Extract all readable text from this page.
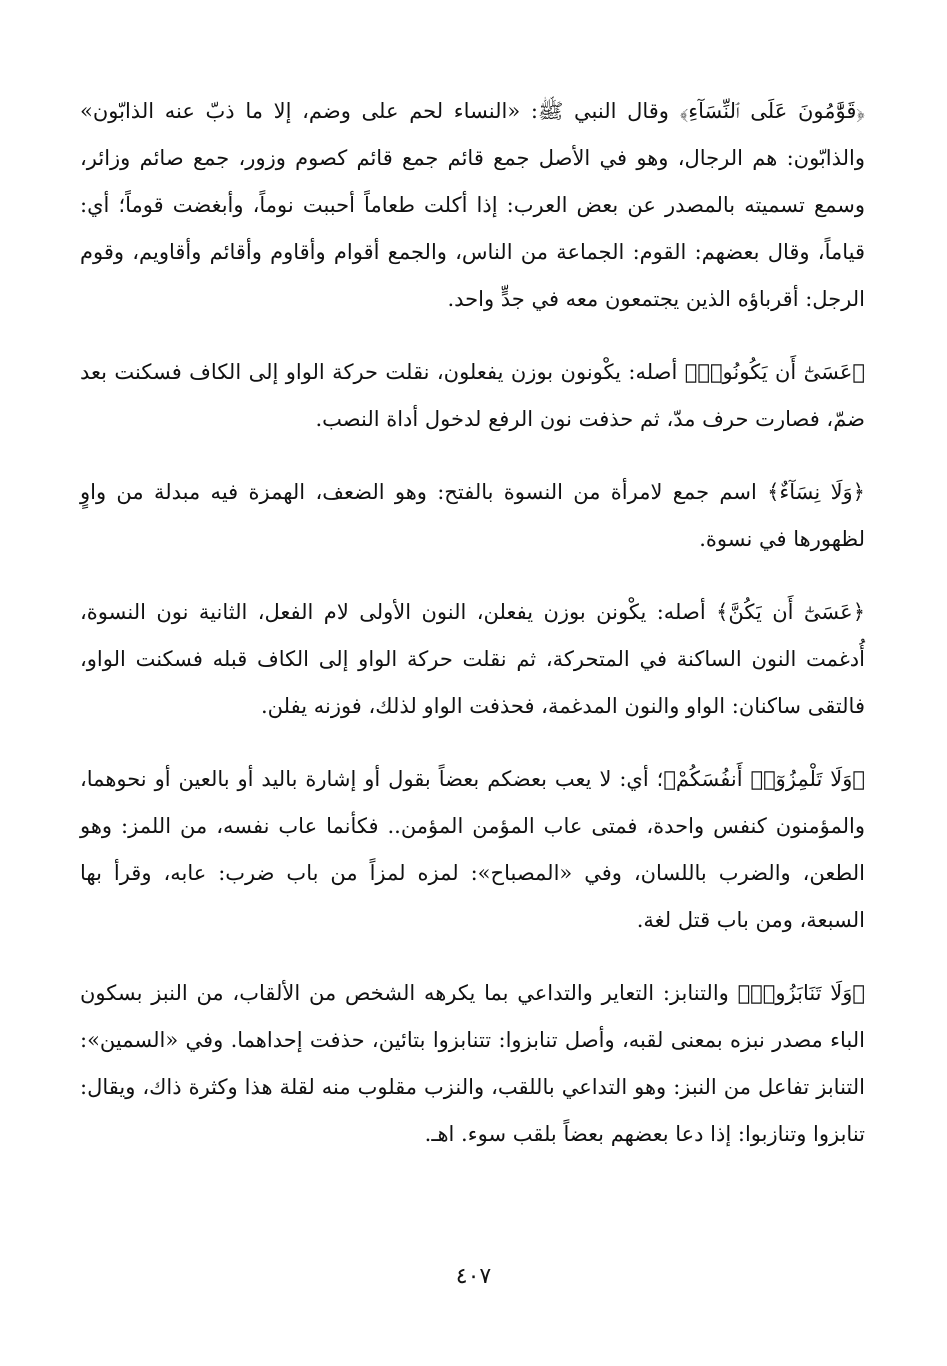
﴿قَوَّٰمُونَ عَلَى ٱلنِّسَآءِ﴾ وقال النبي ﷺ: «النساء لحم على وضم، إلا ما ذبّ عنه الذابّون» والذابّون: هم الرجال، وهو في الأصل جمع قائم جمع قائم كصوم وزور، جمع صائم وزائر، وسمع تسميته بالمصدر عن بعض العرب: إذا أكلت طعاماً أحببت نوماً، وأبغضت قوماً؛ أي: قياماً، وقال بعضهم: القوم: الجماعة من الناس، والجمع أقوام وأقاوم وأقائم وأقاويم، وقوم الرجل: أقرباؤه الذين يجتمعون معه في جدٍّ واحد.

﴿عَسَىٰٓ أَن يَكُونُوا۟﴾ أصله: يكْونون بوزن يفعلون، نقلت حركة الواو إلى الكاف فسكنت بعد ضمّ، فصارت حرف مدّ، ثم حذفت نون الرفع لدخول أداة النصب.

﴿وَلَا نِسَآءٌ﴾ اسم جمع لامرأة من النسوة بالفتح: وهو الضعف، الهمزة فيه مبدلة من واوٍ لظهورها في نسوة.

﴿عَسَىٰٓ أَن يَكُنَّ﴾ أصله: يكْونن بوزن يفعلن، النون الأولى لام الفعل، الثانية نون النسوة، أُدغمت النون الساكنة في المتحركة، ثم نقلت حركة الواو إلى الكاف قبله فسكنت الواو، فالتقى ساكنان: الواو والنون المدغمة، فحذفت الواو لذلك، فوزنه يفلن.

﴿وَلَا تَلْمِزُوٓا۟ أَنفُسَكُمْ﴾؛ أي: لا يعب بعضكم بعضاً بقول أو إشارة باليد أو بالعين أو نحوهما، والمؤمنون كنفس واحدة، فمتى عاب المؤمن المؤمن.. فكأنما عاب نفسه، من اللمز: وهو الطعن، والضرب باللسان، وفي «المصباح»: لمزه لمزاً من باب ضرب: عابه، وقرأ بها السبعة، ومن باب قتل لغة.

﴿وَلَا تَنَابَزُوا۟﴾ والتنابز: التعاير والتداعي بما يكرهه الشخص من الألقاب، من النبز بسكون الباء مصدر نبزه بمعنى لقبه، وأصل تنابزوا: تتنابزوا بتائين، حذفت إحداهما. وفي «السمين»: التنابز تفاعل من النبز: وهو التداعي باللقب، والنزب مقلوب منه لقلة هذا وكثرة ذاك، ويقال: تنابزوا وتنازبوا: إذا دعا بعضهم بعضاً بلقب سوء. اهـ.

٤٠٧
